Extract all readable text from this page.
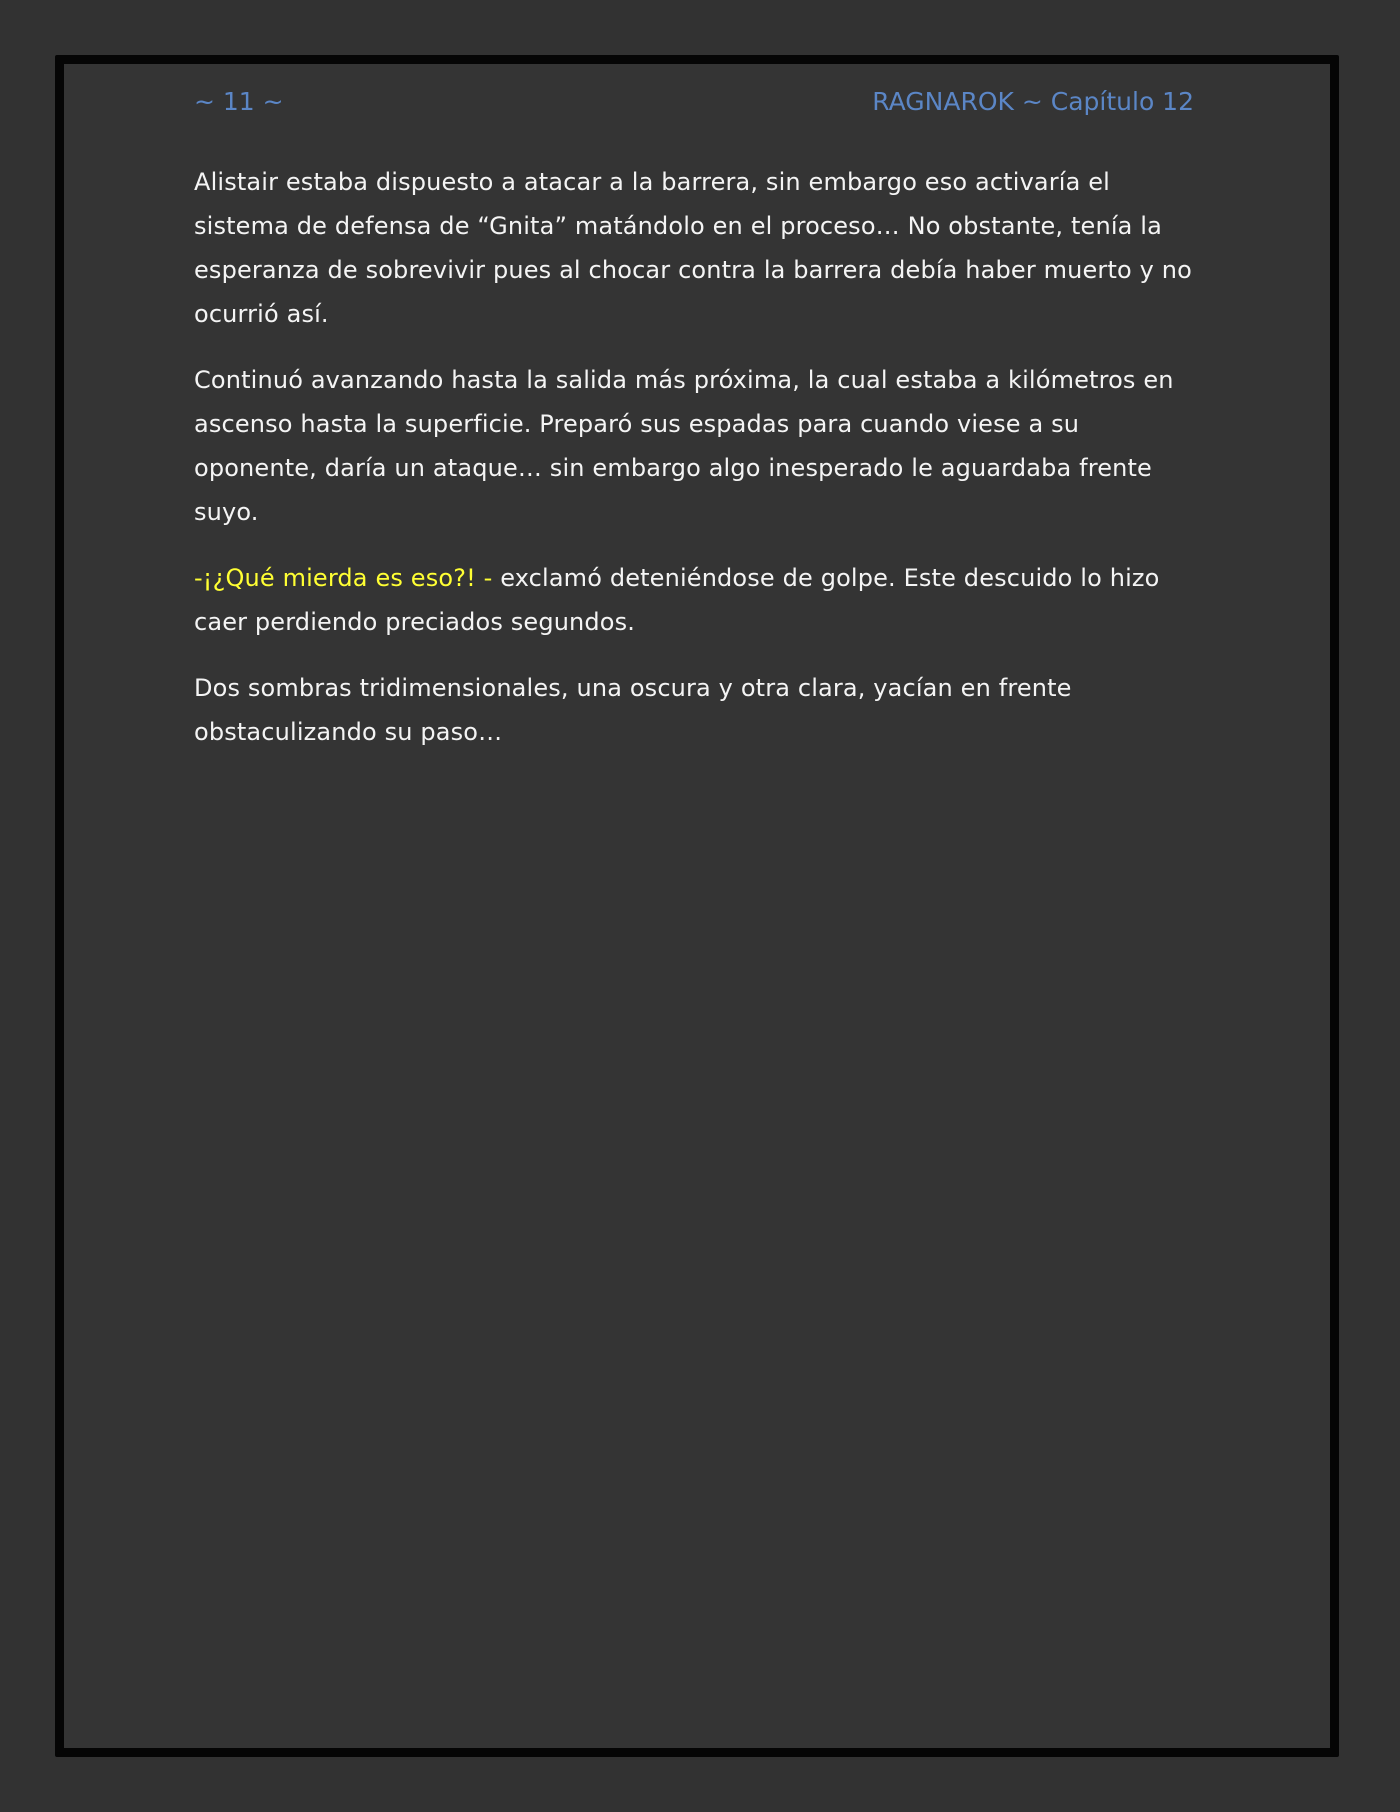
~ 11 ~	RAGNAROK ~ Capítulo 12

Alistair estaba dispuesto a atacar a la barrera, sin embargo eso activaría el sistema de defensa de “Gnita” matándolo en el proceso… No obstante, tenía la esperanza de sobrevivir pues al chocar contra la barrera debía haber muerto y no ocurrió así.

Continuó avanzando hasta la salida más próxima, la cual estaba a kilómetros en ascenso hasta la superficie. Preparó sus espadas para cuando viese a su oponente, daría un ataque… sin embargo algo inesperado le aguardaba frente suyo.

-¡¿Qué mierda es eso?! - exclamó deteniéndose de golpe. Este descuido lo hizo caer perdiendo preciados segundos.

Dos sombras tridimensionales, una oscura y otra clara, yacían en frente obstaculizando su paso…
